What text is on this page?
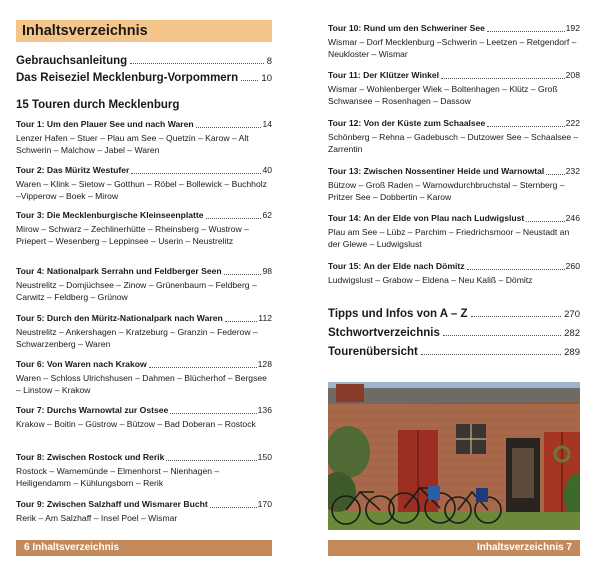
Inhaltsverzeichnis
Gebrauchsanleitung	8
Das Reiseziel Mecklenburg-Vorpommern 10
15 Touren durch Mecklenburg
Tour 1: Um den Plauer See und nach Waren	14
Lenzer Hafen – Stuer – Plau am See – Quetzin – Karow – Alt Schwerin – Malchow – Jabel – Waren
Tour 2: Das Müritz Westufer	40
Waren – Klink – Sietow – Gotthun – Röbel – Bollewick – Buchholz –Vipperow – Boek – Mirow
Tour 3: Die Mecklenburgische Kleinseenplatte	62
Mirow – Schwarz – Zechlinerhütte – Rheinsberg – Wustrow – Priepert – Wesenberg – Leppinsee – Userin – Neustrelitz
Tour 4: Nationalpark Serrahn und Feldberger Seen	98
Neustrelitz – Domjüchsee – Zinow – Grünenbaum – Feldberg – Carwitz – Feldberg – Grünow
Tour 5: Durch den Müritz-Nationalpark nach Waren	112
Neustrelitz – Ankershagen – Kratzeburg – Granzin – Federow – Schwarzenberg – Waren
Tour 6: Von Waren nach Krakow	128
Waren – Schloss Ulrichshusen – Dahmen – Blücherhof – Bergsee – Linstow – Krakow
Tour 7: Durchs Warnowtal zur Ostsee	136
Krakow – Boitin – Güstrow – Bützow – Bad Doberan – Rostock
Tour 8: Zwischen Rostock und Rerik	150
Rostock – Warnemünde – Elmenhorst – Nienhagen – Heiligendamm – Kühlungsborn – Rerik
Tour 9: Zwischen Salzhaff und Wismarer Bucht	170
Rerik – Am Salzhaff – Insel Poel – Wismar
Tour 10: Rund um den Schweriner See	192
Wismar – Dorf Mecklenburg –Schwerin – Leetzen – Retgendorf – Neukloster – Wismar
Tour 11: Der Klützer Winkel	208
Wismar – Wohlenberger Wiek – Boltenhagen – Klütz – Groß Schwansee – Rosenhagen – Dassow
Tour 12: Von der Küste zum Schaalsee	222
Schönberg – Rehna – Gadebusch – Dutzower See – Schaalsee – Zarrentin
Tour 13: Zwischen Nossentiner Heide und Warnowtal 232
Bützow – Groß Raden – Warnowdurchbruchstal – Sternberg – Pritzer See – Dobbertin – Karow
Tour 14: An der Elde von Plau nach Ludwigslust	246
Plau am See – Lübz – Parchim – Friedrichsmoor – Neustadt an der Glewe – Ludwigslust
Tour 15: An der Elde nach Dömitz	260
Ludwigslust – Grabow – Eldena – Neu Kaliß – Dömitz
Tipps und Infos von A – Z	270
Stchwortverzeichnis	282
Tourenübersicht	289
6 Inhaltsverzeichnis	Inhaltsverzeichnis 7
